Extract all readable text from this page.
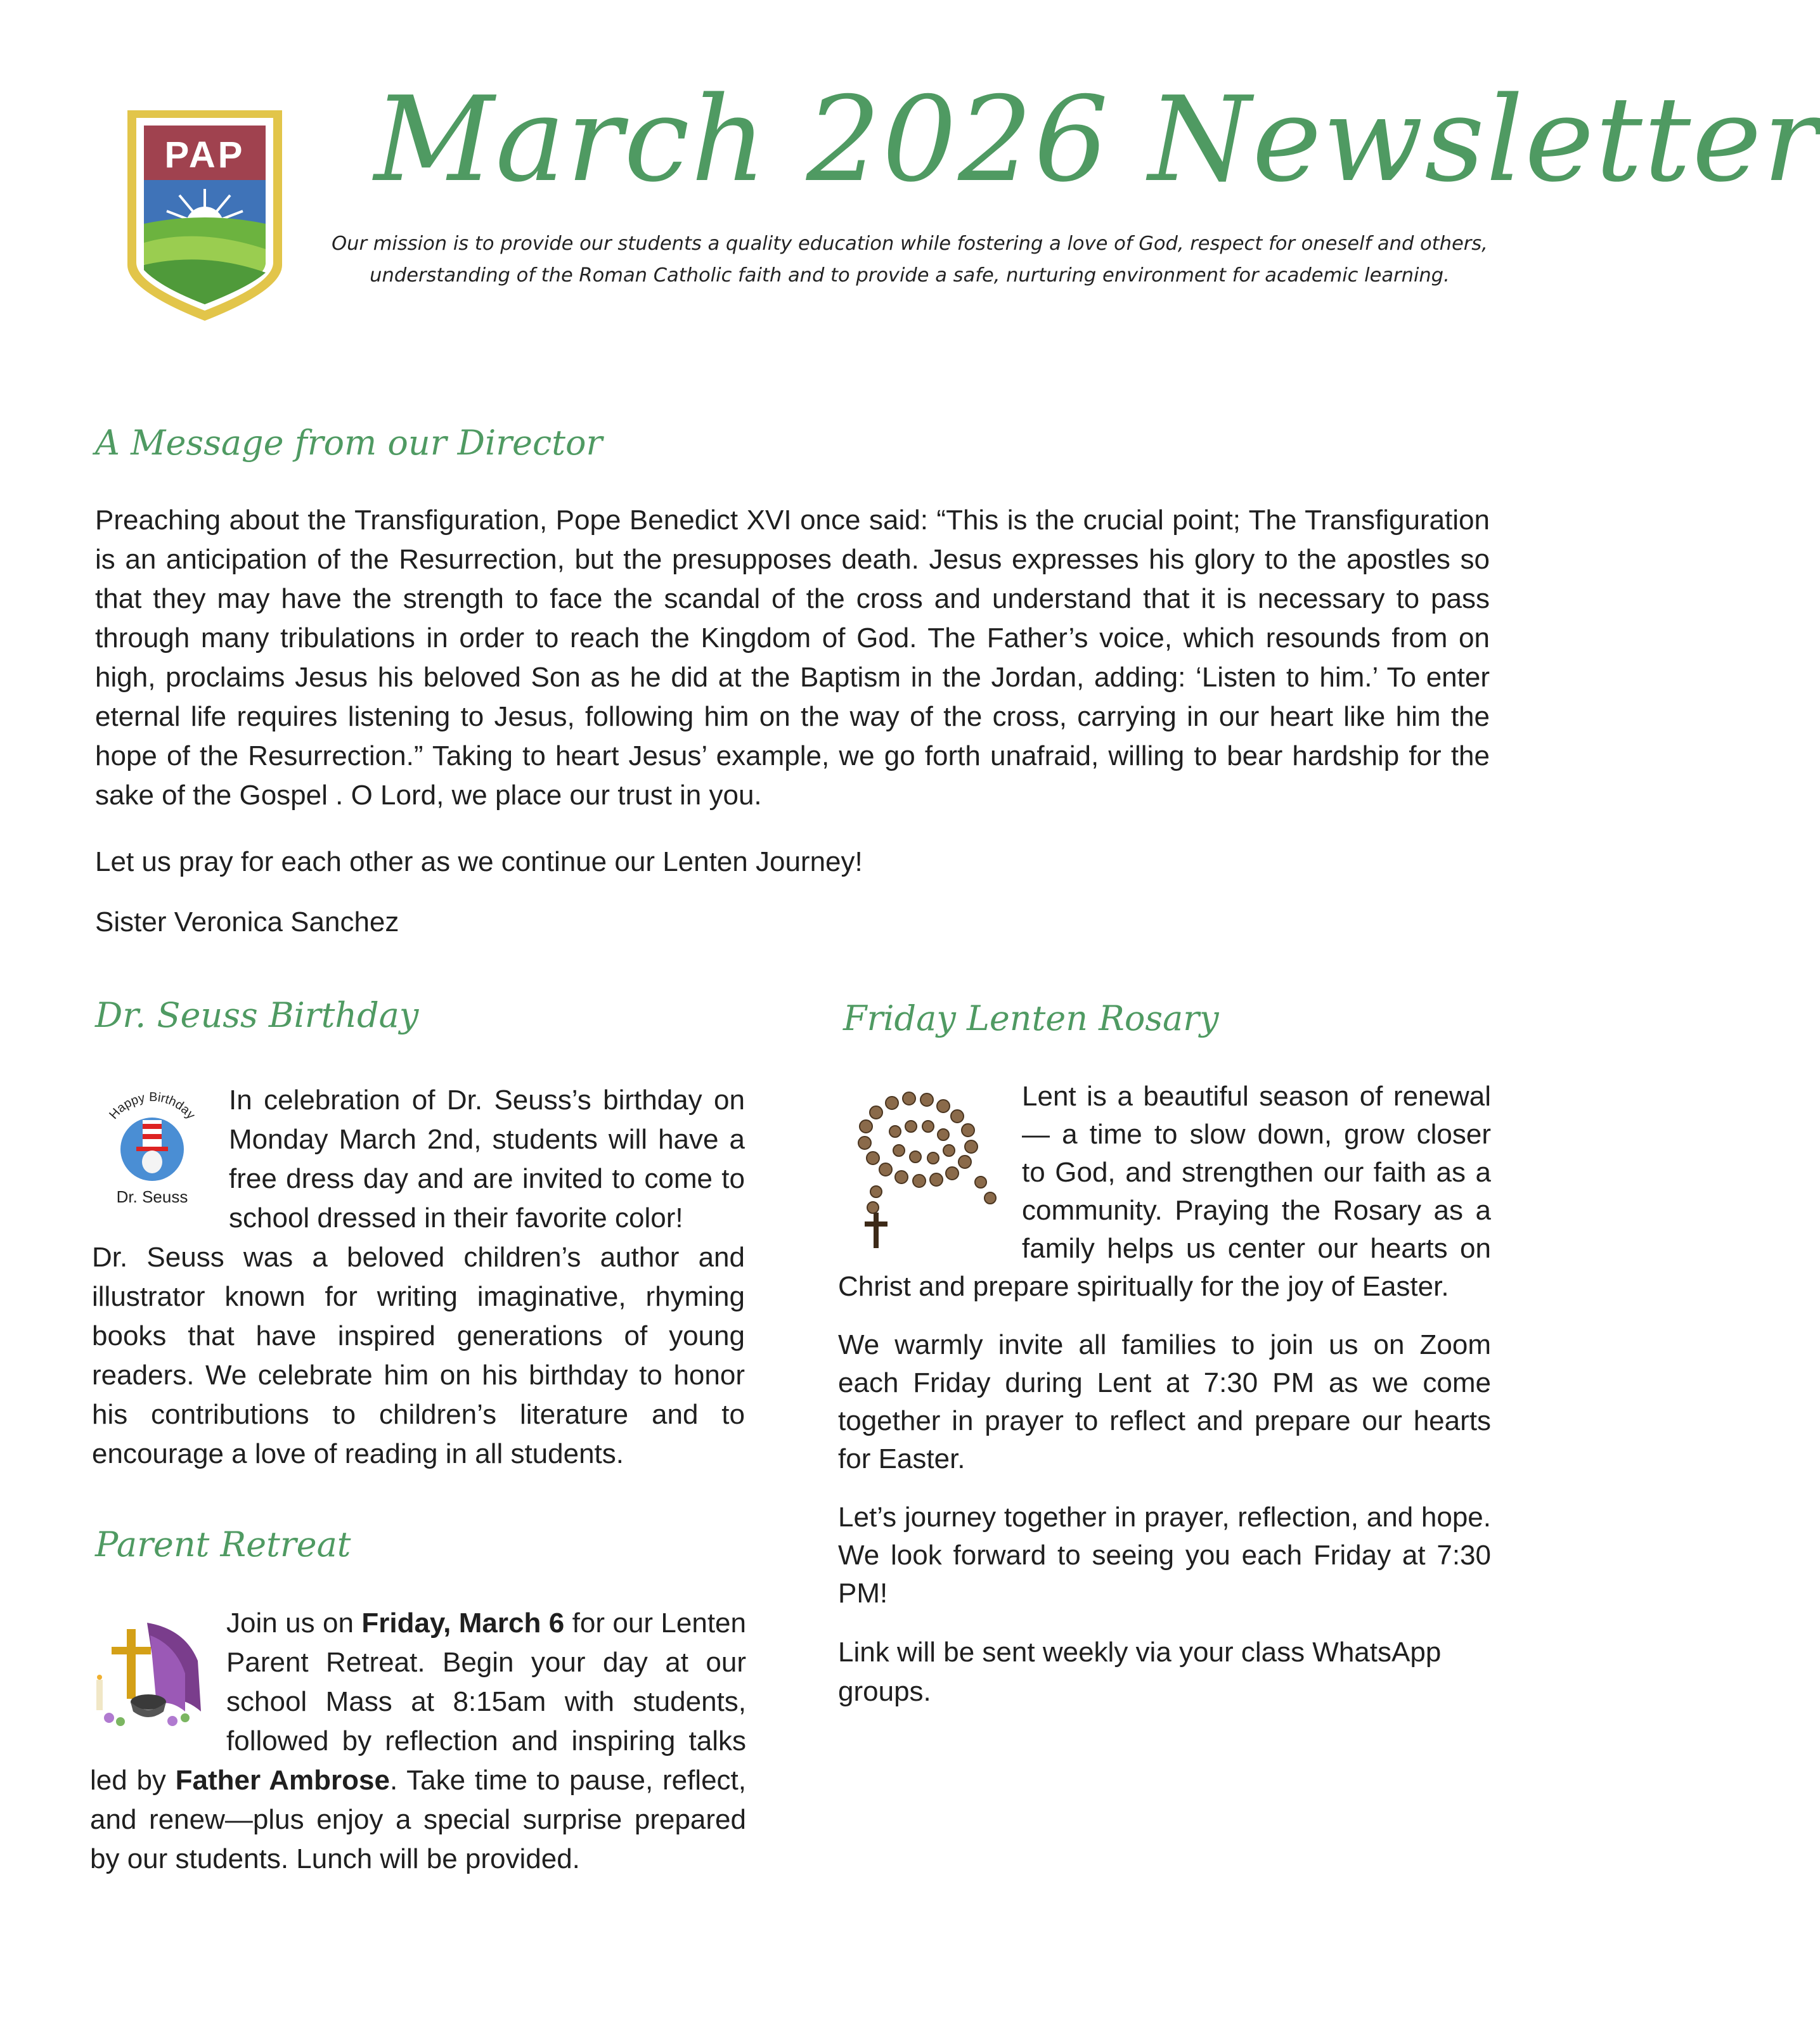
PAP March 2026 Newsletter
Our mission is to provide our students a quality education while fostering a love of God, respect for oneself and others,
understanding of the Roman Catholic faith and to provide a safe, nurturing environment for academic learning.
A Message from our Director

Preaching about the Transfiguration, Pope Benedict XVI once said: “This is the crucial point; The Transfiguration is an anticipation of the Resurrection, but the presupposes death. Jesus expresses his glory to the apostles so that they may have the strength to face the scandal of the cross and understand that it is necessary to pass through many tribulations in order to reach the Kingdom of God. The Father’s voice, which resounds from on high, proclaims Jesus his beloved Son as he did at the Baptism in the Jordan, adding: ‘Listen to him.’ To enter eternal life requires listening to Jesus, following him on the way of the cross, carrying in our heart like him the hope of the Resurrection.” Taking to heart Jesus’ example, we go forth unafraid, willing to bear hardship for the sake of the Gospel . O Lord, we place our trust in you.

Let us pray for each other as we continue our Lenten Journey!
Sister Veronica Sanchez
Dr. Seuss Birthday
Happy Birthday
Dr. Seuss

In celebration of Dr. Seuss’s birthday on Monday March 2nd, students will have a free dress day and are invited to come to school dressed in their favorite color!

Dr. Seuss was a beloved children’s author and illustrator known for writing imaginative, rhyming books that have inspired generations of young readers. We celebrate him on his birthday to honor his contributions to children’s literature and to encourage a love of reading in all students.

Parent Retreat

Join us on Friday, March 6 for our Lenten Parent Retreat. Begin your day at our school Mass at 8:15am with students, followed by reflection and inspiring talks led by Father Ambrose. Take time to pause, reflect, and renew—plus enjoy a special surprise prepared by our students. Lunch will be provided.

Friday Lenten Rosary

Lent is a beautiful season of renewal — a time to slow down, grow closer to God, and strengthen our faith as a community. Praying the Rosary as a family helps us center our hearts on Christ and prepare spiritually for the joy of Easter.

We warmly invite all families to join us on Zoom each Friday during Lent at 7:30 PM as we come together in prayer to reflect and prepare our hearts for Easter.

Let’s journey together in prayer, reflection, and hope. We look forward to seeing you each Friday at 7:30 PM!

Link will be sent weekly via your class WhatsApp groups.
